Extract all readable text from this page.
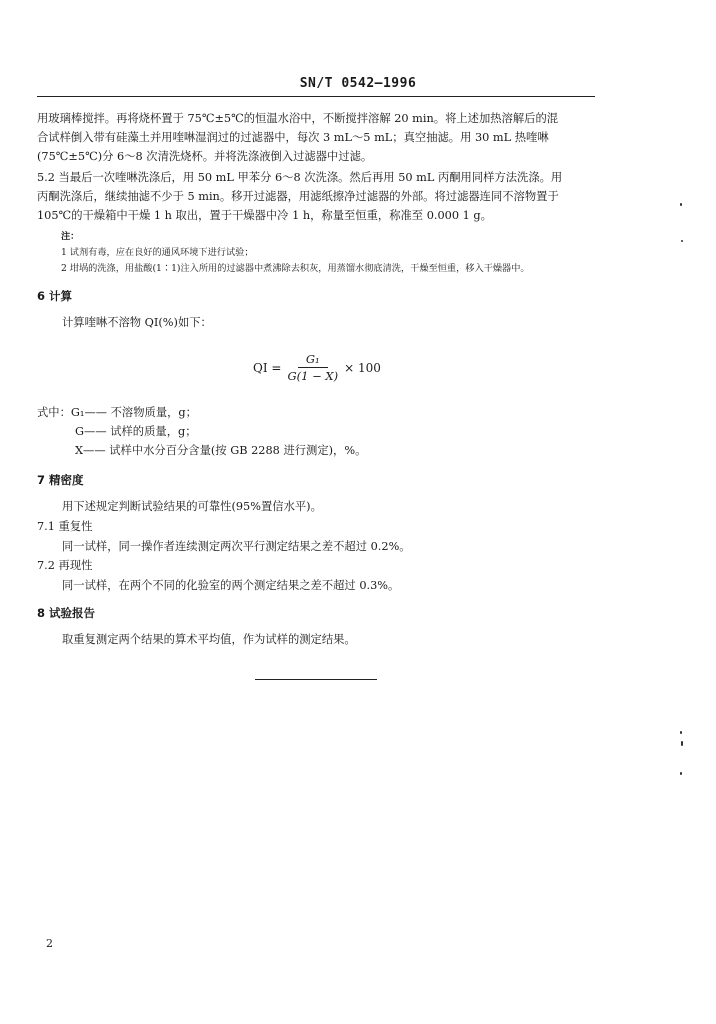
SN/T 0542—1996
用玻璃棒搅拌。再将烧杯置于 75℃±5℃的恒温水浴中，不断搅拌溶解 20 min。将上述加热溶解后的混
合试样倒入带有硅藻土并用喹啉湿润过的过滤器中，每次 3 mL～5 mL；真空抽滤。用 30 mL 热喹啉
(75℃±5℃)分 6～8 次清洗烧杯。并将洗涤液倒入过滤器中过滤。
5.2 当最后一次喹啉洗涤后，用 50 mL 甲苯分 6～8 次洗涤。然后再用 50 mL 丙酮用同样方法洗涤。用
丙酮洗涤后，继续抽滤不少于 5 min。移开过滤器，用滤纸擦净过滤器的外部。将过滤器连同不溶物置于
105℃的干燥箱中干燥 1 h 取出，置于干燥器中冷 1 h，称量至恒重，称准至 0.000 1 g。
注：
1 试剂有毒，应在良好的通风环境下进行试验；
2 坩埚的洗涤，用盐酸(1∶1)注入所用的过滤器中煮沸除去积灰，用蒸馏水彻底清洗，干燥至恒重，移入干燥器中。
6 计算
计算喹啉不溶物 QI(%)如下：
QI = $\frac{\text{G₁}}{G(1 - X)} \times 100$
式中：G₁—— 不溶物质量，g；
G—— 试样的质量，g；
X—— 试样中水分百分含量(按 GB 2288 进行测定)，%。
7 精密度
用下述规定判断试验结果的可靠性(95%置信水平)。
7.1 重复性
同一试样，同一操作者连续测定两次平行测定结果之差不超过 0.2%。
7.2 再现性
同一试样，在两个不同的化验室的两个测定结果之差不超过 0.3%。
8 试验报告
取重复测定两个结果的算术平均值，作为试样的测定结果。
2
